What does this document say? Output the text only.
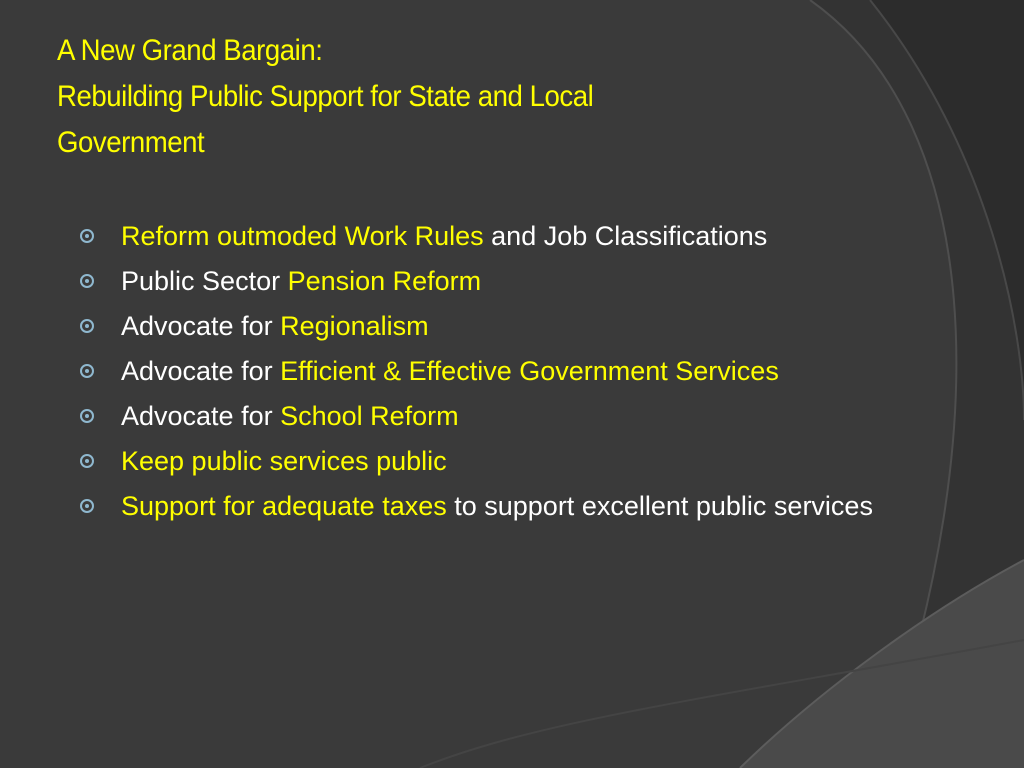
A New Grand Bargain:
Rebuilding Public Support for State and Local
Government
Reform outmoded Work Rules and Job Classifications
Public Sector Pension Reform
Advocate for Regionalism
Advocate for Efficient & Effective Government Services
Advocate for School Reform
Keep public services public
Support for adequate taxes to support excellent public services
